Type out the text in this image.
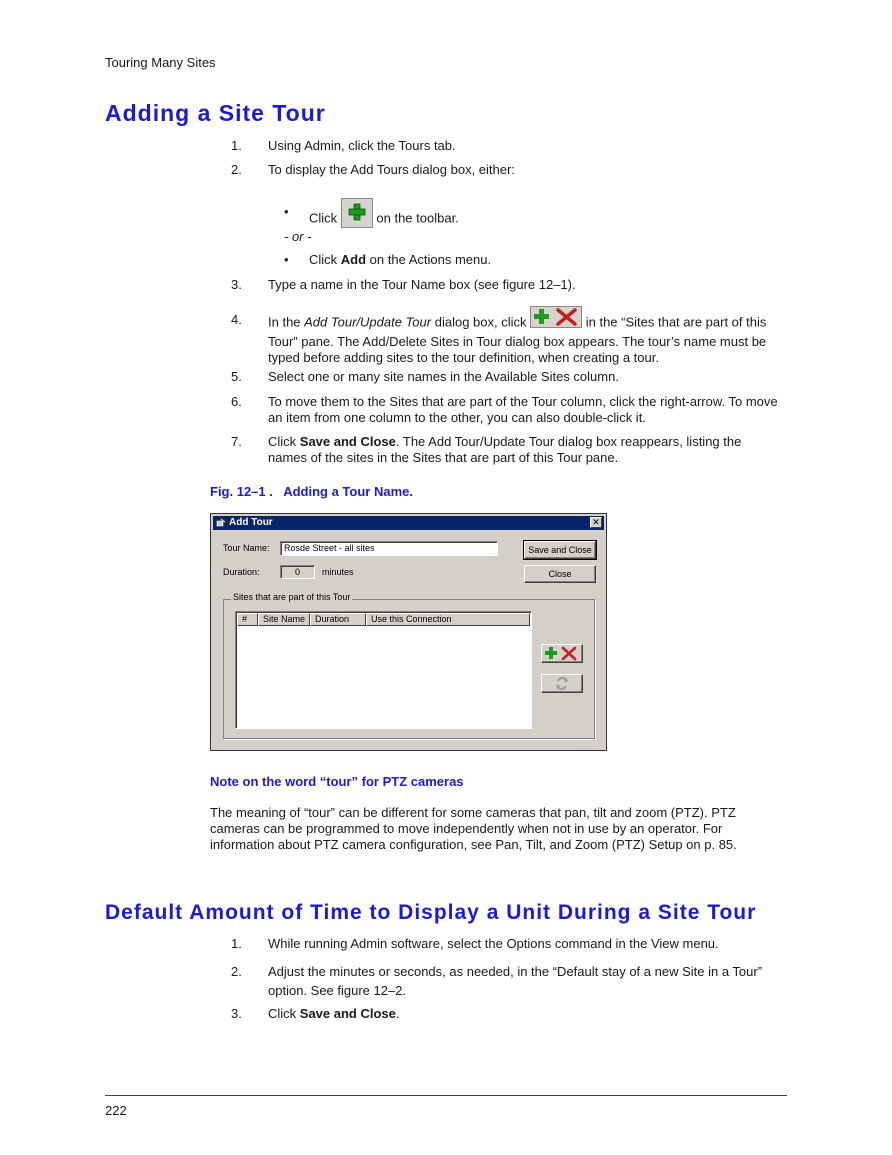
Touring Many Sites
Adding a Site Tour
1. Using Admin, click the Tours tab.
2. To display the Add Tours dialog box, either:
• Click  on the toolbar.
- or -
• Click Add on the Actions menu.
3. Type a name in the Tour Name box (see figure 12–1).
4. In the Add Tour/Update Tour dialog box, click	in the “Sites that are part of this Tour” pane. The Add/Delete Sites in Tour dialog box appears. The tour’s name must be typed before adding sites to the tour definition, when creating a tour.
5. Select one or many site names in the Available Sites column.
6. To move them to the Sites that are part of the Tour column, click the right-arrow. To move an item from one column to the other, you can also double-click it.
7. Click Save and Close. The Add Tour/Update Tour dialog box reappears, listing the names of the sites in the Sites that are part of this Tour pane.
Fig. 12–1 .   Adding a Tour Name.
Add Tour	✕
Tour Name:	Rosde Street - all sites
Duration:	0	minutes
Save and Close
Close
Sites that are part of this Tour
#	Site Name	Duration	Use this Connection
Note on the word “tour” for PTZ cameras
The meaning of “tour” can be different for some cameras that pan, tilt and zoom (PTZ). PTZ cameras can be programmed to move independently when not in use by an operator. For information about PTZ camera configuration, see Pan, Tilt, and Zoom (PTZ) Setup on p. 85.
Default Amount of Time to Display a Unit During a Site Tour
1. While running Admin software, select the Options command in the View menu.
2. Adjust the minutes or seconds, as needed, in the “Default stay of a new Site in a Tour” option. See figure 12–2.
3. Click Save and Close.
222
